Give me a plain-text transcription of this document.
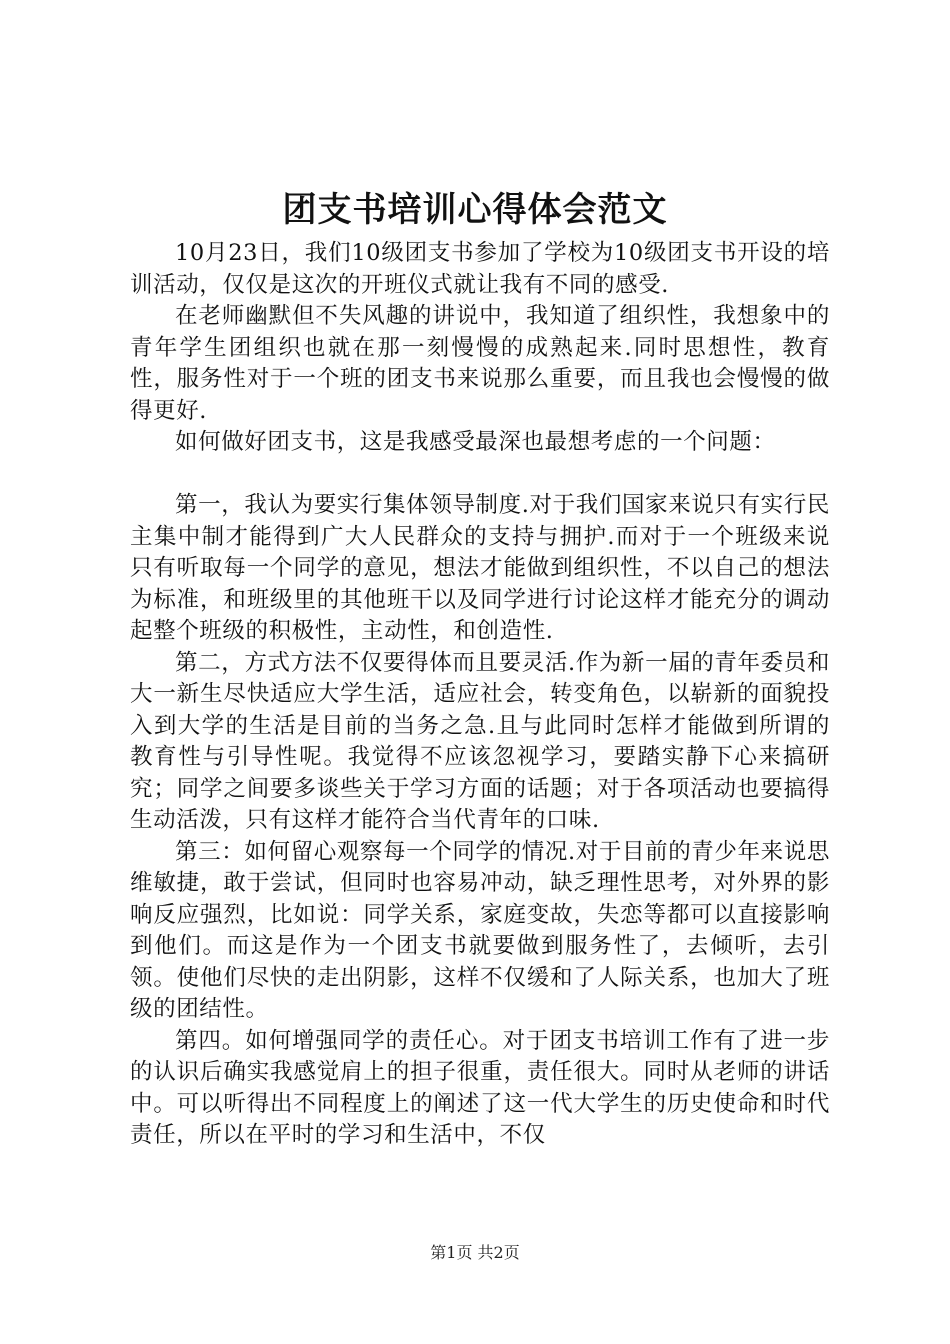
团支书培训心得体会范文

10月23日，我们10级团支书参加了学校为10级团支书开设的培训活动，仅仅是这次的开班仪式就让我有不同的感受.

在老师幽默但不失风趣的讲说中，我知道了组织性，我想象中的青年学生团组织也就在那一刻慢慢的成熟起来.同时思想性，教育性，服务性对于一个班的团支书来说那么重要，而且我也会慢慢的做得更好.

如何做好团支书，这是我感受最深也最想考虑的一个问题：

第一，我认为要实行集体领导制度.对于我们国家来说只有实行民主集中制才能得到广大人民群众的支持与拥护.而对于一个班级来说只有听取每一个同学的意见，想法才能做到组织性，不以自己的想法为标准，和班级里的其他班干以及同学进行讨论这样才能充分的调动起整个班级的积极性，主动性，和创造性.

第二，方式方法不仅要得体而且要灵活.作为新一届的青年委员和大一新生尽快适应大学生活，适应社会，转变角色，以崭新的面貌投入到大学的生活是目前的当务之急.且与此同时怎样才能做到所谓的教育性与引导性呢。我觉得不应该忽视学习，要踏实静下心来搞研究；同学之间要多谈些关于学习方面的话题；对于各项活动也要搞得生动活泼，只有这样才能符合当代青年的口味.

第三：如何留心观察每一个同学的情况.对于目前的青少年来说思维敏捷，敢于尝试，但同时也容易冲动，缺乏理性思考，对外界的影响反应强烈，比如说：同学关系，家庭变故，失恋等都可以直接影响到他们。而这是作为一个团支书就要做到服务性了，去倾听，去引领。使他们尽快的走出阴影，这样不仅缓和了人际关系，也加大了班级的团结性。

第四。如何增强同学的责任心。对于团支书培训工作有了进一步的认识后确实我感觉肩上的担子很重，责任很大。同时从老师的讲话中。可以听得出不同程度上的阐述了这一代大学生的历史使命和时代责任，所以在平时的学习和生活中，不仅

第1页 共2页
